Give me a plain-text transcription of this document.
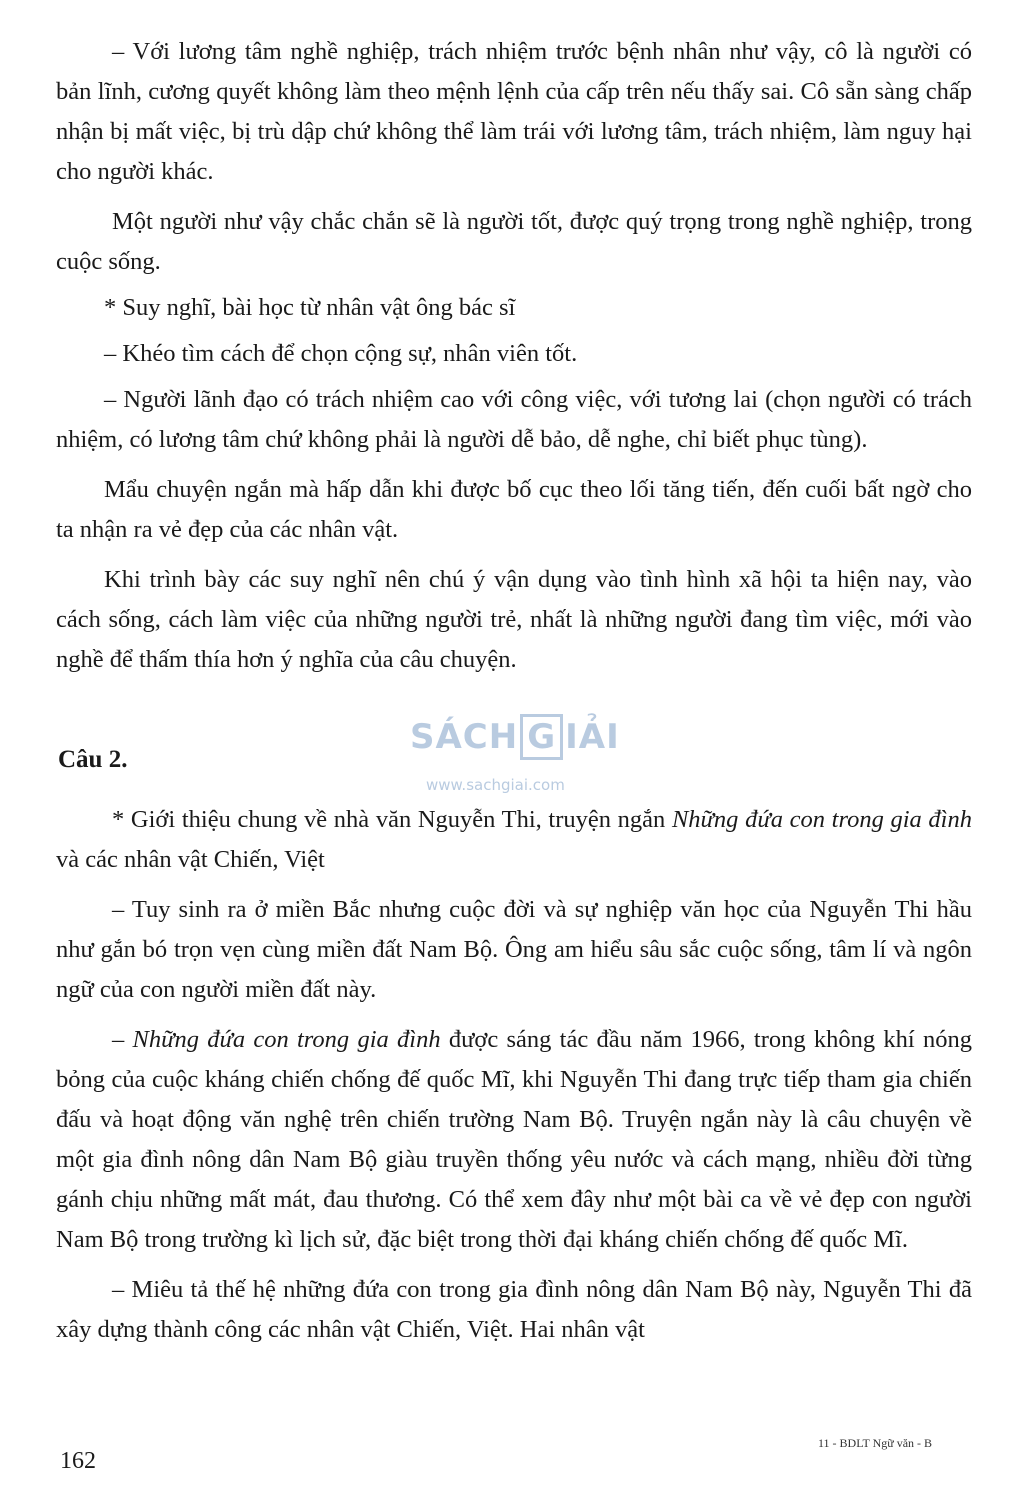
– Với lương tâm nghề nghiệp, trách nhiệm trước bệnh nhân như vậy, cô là người có bản lĩnh, cương quyết không làm theo mệnh lệnh của cấp trên nếu thấy sai. Cô sẵn sàng chấp nhận bị mất việc, bị trù dập chứ không thể làm trái với lương tâm, trách nhiệm, làm nguy hại cho người khác.

Một người như vậy chắc chắn sẽ là người tốt, được quý trọng trong nghề nghiệp, trong cuộc sống.

* Suy nghĩ, bài học từ nhân vật ông bác sĩ

– Khéo tìm cách để chọn cộng sự, nhân viên tốt.

– Người lãnh đạo có trách nhiệm cao với công việc, với tương lai (chọn người có trách nhiệm, có lương tâm chứ không phải là người dễ bảo, dễ nghe, chỉ biết phục tùng).

Mẩu chuyện ngắn mà hấp dẫn khi được bố cục theo lối tăng tiến, đến cuối bất ngờ cho ta nhận ra vẻ đẹp của các nhân vật.

Khi trình bày các suy nghĩ nên chú ý vận dụng vào tình hình xã hội ta hiện nay, vào cách sống, cách làm việc của những người trẻ, nhất là những người đang tìm việc, mới vào nghề để thấm thía hơn ý nghĩa của câu chuyện.

Câu 2.
SÁCH G IẢI
www.sachgiai.com

* Giới thiệu chung về nhà văn Nguyễn Thi, truyện ngắn Những đứa con trong gia đình và các nhân vật Chiến, Việt

– Tuy sinh ra ở miền Bắc nhưng cuộc đời và sự nghiệp văn học của Nguyễn Thi hầu như gắn bó trọn vẹn cùng miền đất Nam Bộ. Ông am hiểu sâu sắc cuộc sống, tâm lí và ngôn ngữ của con người miền đất này.

– Những đứa con trong gia đình được sáng tác đầu năm 1966, trong không khí nóng bỏng của cuộc kháng chiến chống đế quốc Mĩ, khi Nguyễn Thi đang trực tiếp tham gia chiến đấu và hoạt động văn nghệ trên chiến trường Nam Bộ. Truyện ngắn này là câu chuyện về một gia đình nông dân Nam Bộ giàu truyền thống yêu nước và cách mạng, nhiều đời từng gánh chịu những mất mát, đau thương. Có thể xem đây như một bài ca về vẻ đẹp con người Nam Bộ trong trường kì lịch sử, đặc biệt trong thời đại kháng chiến chống đế quốc Mĩ.

– Miêu tả thế hệ những đứa con trong gia đình nông dân Nam Bộ này, Nguyễn Thi đã xây dựng thành công các nhân vật Chiến, Việt. Hai nhân vật

162
11 - BDLT Ngữ văn - B
